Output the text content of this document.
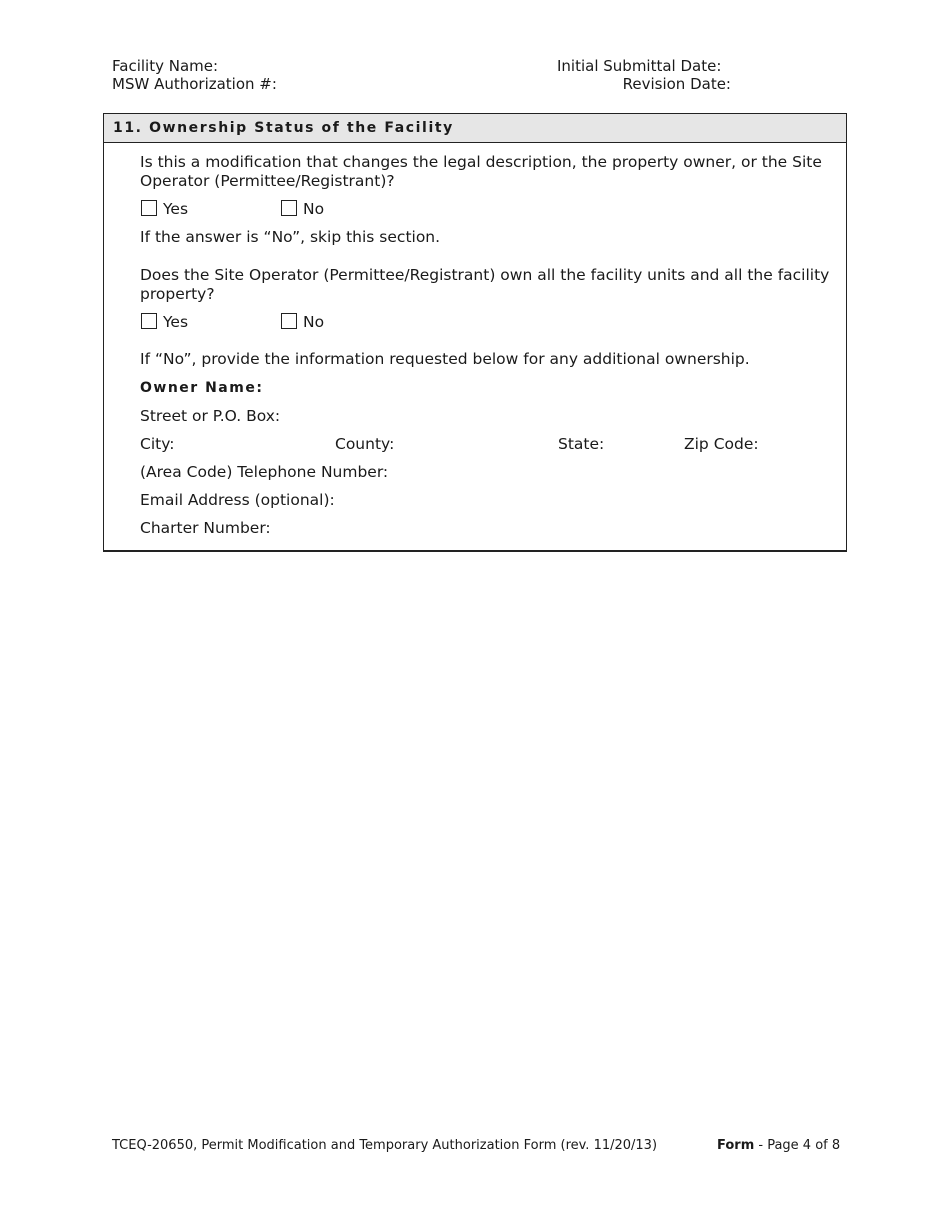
Facility Name:
MSW Authorization #:
Initial Submittal Date:
Revision Date:
11. Ownership Status of the Facility
Is this a modification that changes the legal description, the property owner, or the Site Operator (Permittee/Registrant)?
Yes	No
If the answer is “No”, skip this section.
Does the Site Operator (Permittee/Registrant) own all the facility units and all the facility property?
Yes	No
If “No”, provide the information requested below for any additional ownership.
Owner Name:
Street or P.O. Box:
City:	County:	State:	Zip Code:
(Area Code) Telephone Number:
Email Address (optional):
Charter Number:
TCEQ-20650, Permit Modification and Temporary Authorization Form (rev. 11/20/13)	Form - Page 4 of 8
